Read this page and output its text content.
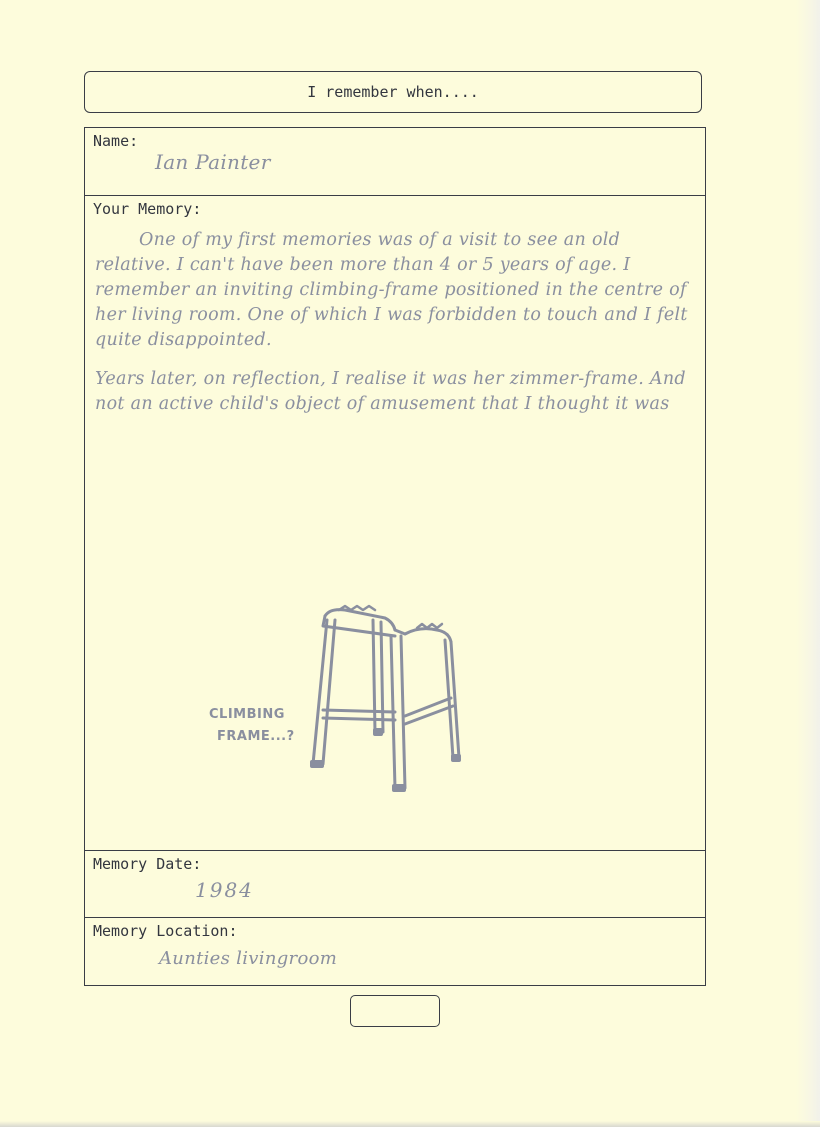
I remember when....
Name:
Ian Painter
Your Memory:

One of my first memories was of a visit to see an old relative. I can't have been more than 4 or 5 years of age. I remember an inviting climbing-frame positioned in the centre of her living room. One of which I was forbidden to touch and I felt quite disappointed.

Years later, on reflection, I realise it was her zimmer-frame. And not an active child's object of amusement that I thought it was

CLIMBING
FRAME...?
Memory Date:
1984
Memory Location:
Aunties livingroom
